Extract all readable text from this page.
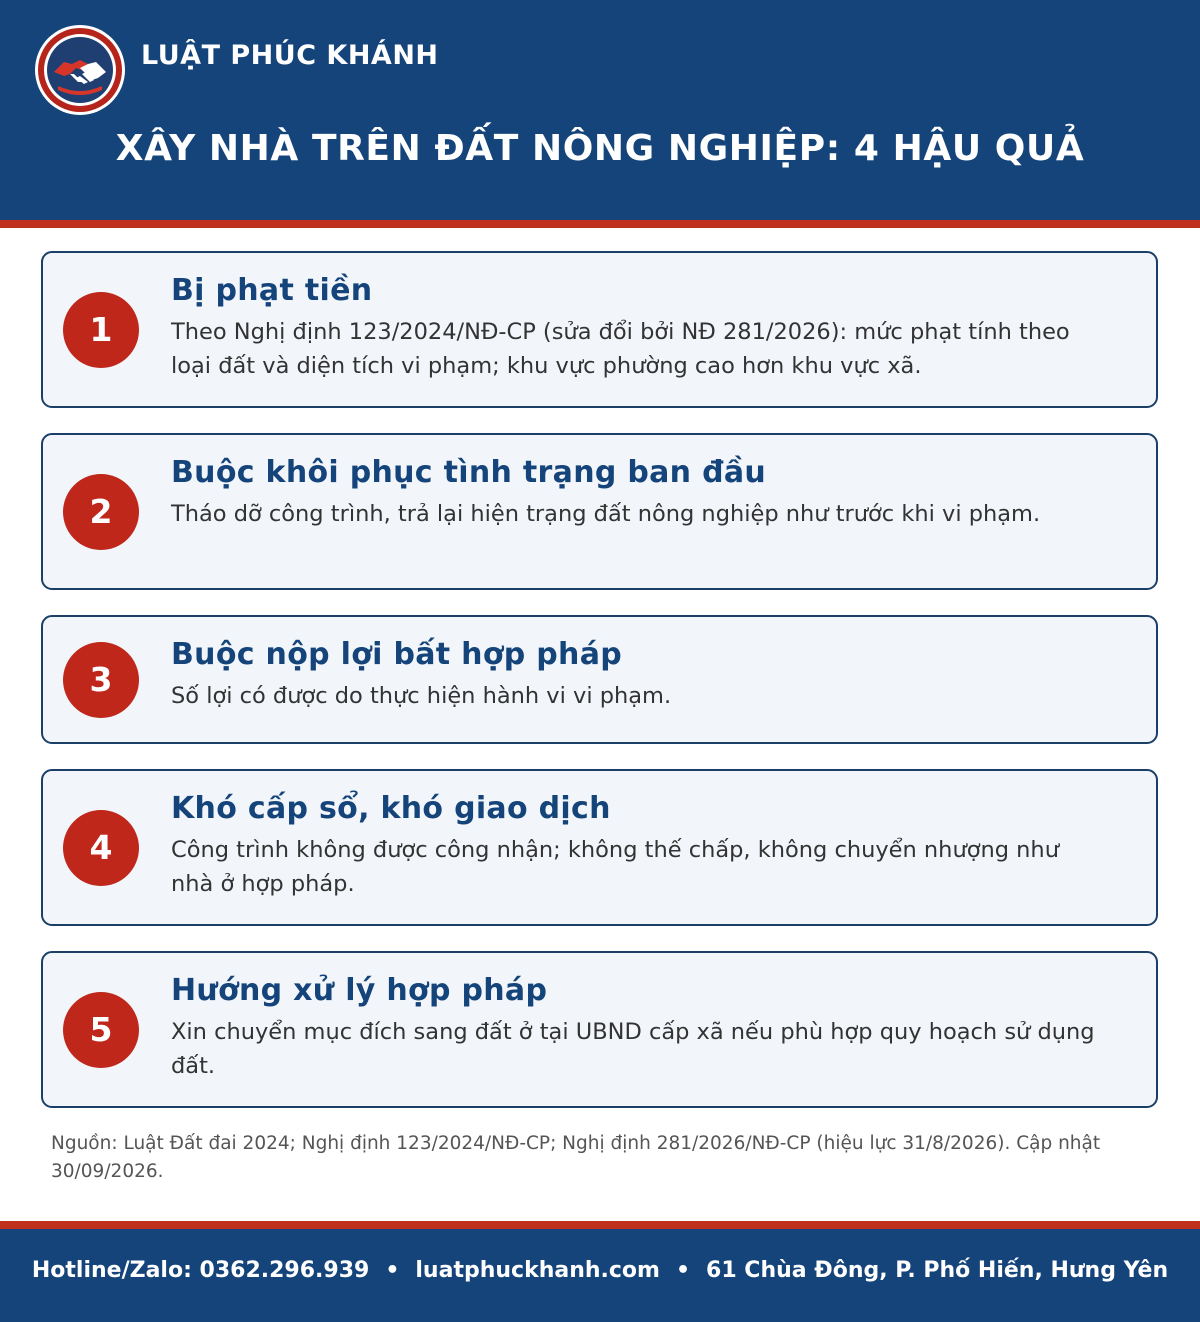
LUẬT PHÚC KHÁNH
XÂY NHÀ TRÊN ĐẤT NÔNG NGHIỆP: 4 HẬU QUẢ
1
Bị phạt tiền
Theo Nghị định 123/2024/NĐ-CP (sửa đổi bởi NĐ 281/2026): mức phạt tính theo loại đất và diện tích vi phạm; khu vực phường cao hơn khu vực xã.
2
Buộc khôi phục tình trạng ban đầu
Tháo dỡ công trình, trả lại hiện trạng đất nông nghiệp như trước khi vi phạm.
3
Buộc nộp lợi bất hợp pháp
Số lợi có được do thực hiện hành vi vi phạm.
4
Khó cấp sổ, khó giao dịch
Công trình không được công nhận; không thế chấp, không chuyển nhượng như nhà ở hợp pháp.
5
Hướng xử lý hợp pháp
Xin chuyển mục đích sang đất ở tại UBND cấp xã nếu phù hợp quy hoạch sử dụng đất.
Nguồn: Luật Đất đai 2024; Nghị định 123/2024/NĐ-CP; Nghị định 281/2026/NĐ-CP (hiệu lực 31/8/2026). Cập nhật 30/09/2026.
Hotline/Zalo: 0362.296.939 • luatphuckhanh.com • 61 Chùa Đông, P. Phố Hiến, Hưng Yên
